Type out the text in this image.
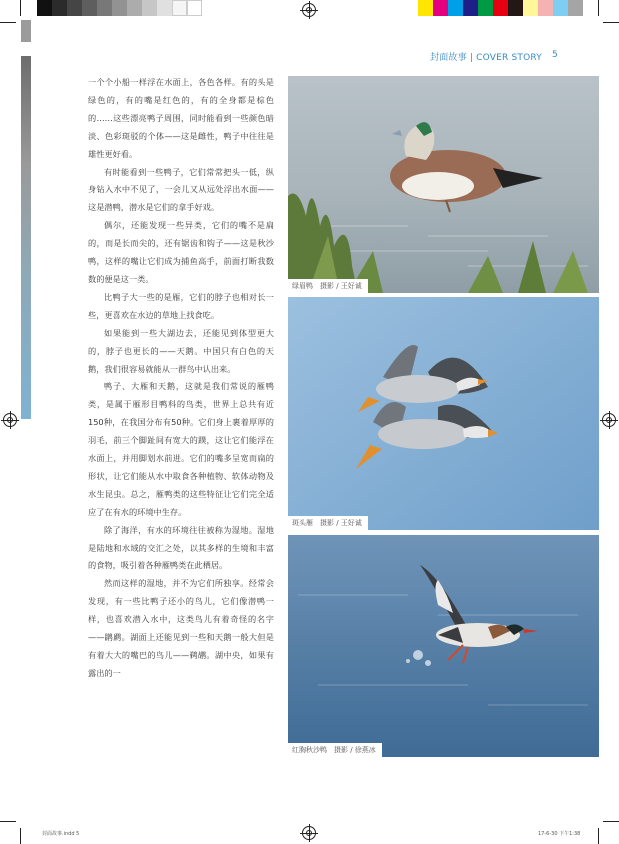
封面故事 | COVER STORY 5

一个个小船一样浮在水面上，各色各样。有的头是绿色的，有的嘴是红色的，有的全身都是棕色的……这些漂亮鸭子周围，同时能看到一些颜色暗淡、色彩斑驳的个体——这是雌性，鸭子中往往是雄性更好看。

有时能看到一些鸭子，它们常常把头一低，纵身钻入水中不见了，一会儿又从远处浮出水面——这是潜鸭，潜水是它们的拿手好戏。

偶尔，还能发现一些异类，它们的嘴不是扁的，而是长而尖的，还有锯齿和钩子——这是秋沙鸭，这样的嘴让它们成为捕鱼高手，前面打断我数数的便是这一类。

比鸭子大一些的是雁，它们的脖子也相对长一些，更喜欢在水边的草地上找食吃。

如果能到一些大湖边去，还能见到体型更大的，脖子也更长的——天鹅。中国只有白色的天鹅，我们很容易就能从一群鸟中认出来。

鸭子、大雁和天鹅，这就是我们常说的雁鸭类，是属于雁形目鸭科的鸟类，世界上总共有近150种，在我国分布有50种。它们身上裹着厚厚的羽毛，前三个脚趾间有宽大的蹼，这让它们能浮在水面上，并用脚划水前进。它们的嘴多呈宽而扁的形状，让它们能从水中取食各种植物、软体动物及水生昆虫。总之，雁鸭类的这些特征让它们完全适应了在有水的环境中生存。

除了海洋，有水的环境往往被称为湿地。湿地是陆地和水域的交汇之处，以其多样的生境和丰富的食物，吸引着各种雁鸭类在此栖居。

然而这样的湿地，并不为它们所独享。经常会发现，有一些比鸭子还小的鸟儿，它们像潜鸭一样，也喜欢潜入水中，这类鸟儿有着奇怪的名字——䴙䴘。湖面上还能见到一些和天鹅一般大但是有着大大的嘴巴的鸟儿——鹈鹕。湖中央，如果有露出的一

绿眉鸭　摄影 / 王好诚
斑头雁　摄影 / 王好诚
红胸秋沙鸭　摄影 / 徐燕冰
封面故事.indd 5	17-6-30 下午1:38
